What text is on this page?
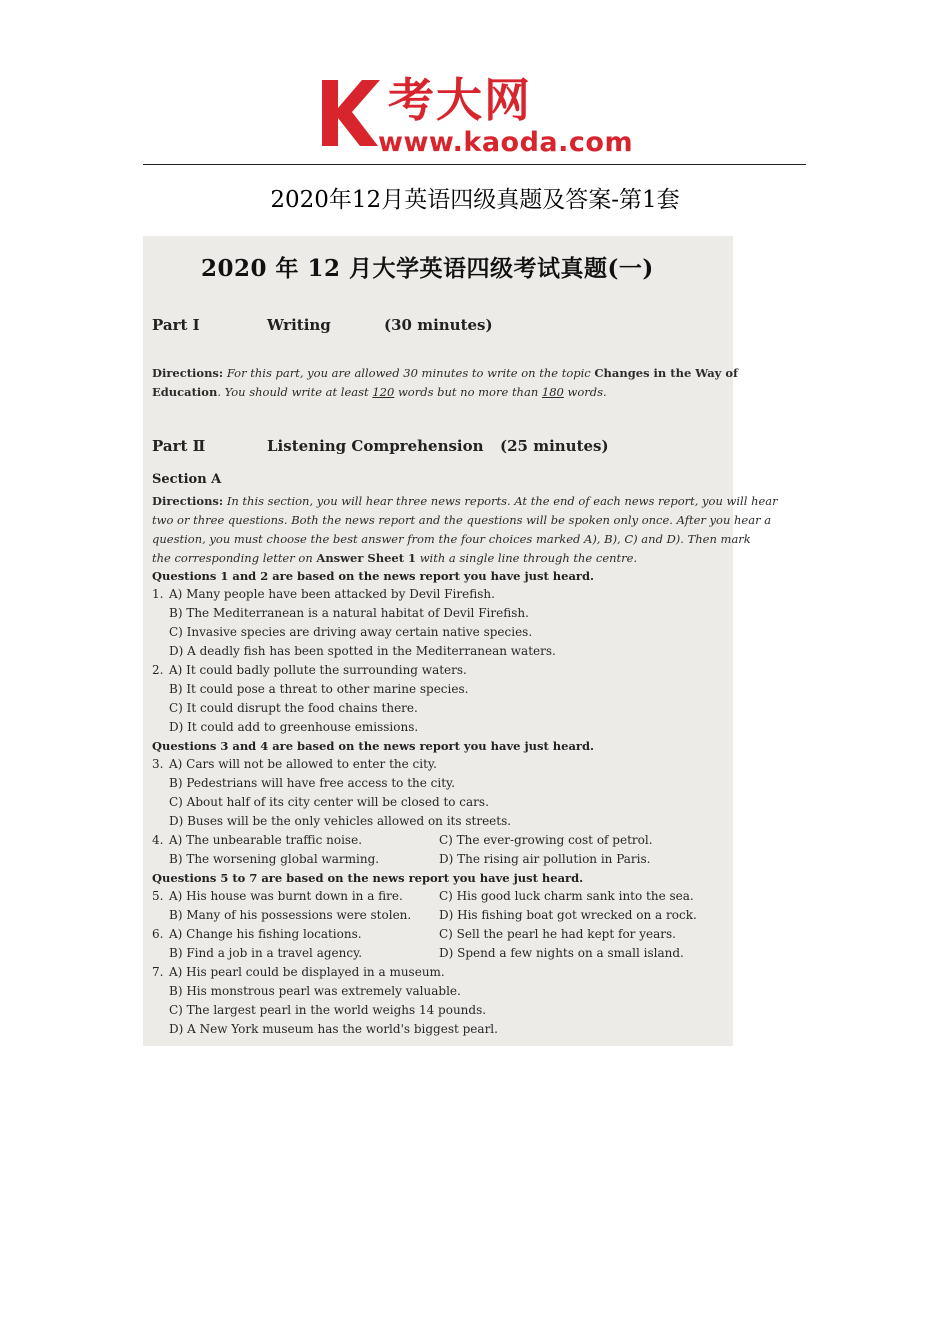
考大网
www.kaoda.com
2020年12月英语四级真题及答案-第1套
2020 年 12 月大学英语四级考试真题(一)
Part Ⅰ	Writing	(30 minutes)
Directions: For this part, you are allowed 30 minutes to write on the topic Changes in the Way of
Education. You should write at least 120 words but no more than 180 words.
Part Ⅱ	Listening Comprehension (25 minutes)
Section A
Directions: In this section, you will hear three news reports. At the end of each news report, you will hear
two or three questions. Both the news report and the questions will be spoken only once. After you hear a
question, you must choose the best answer from the four choices marked A), B), C) and D). Then mark
the corresponding letter on Answer Sheet 1 with a single line through the centre.
Questions 1 and 2 are based on the news report you have just heard.
1. A) Many people have been attacked by Devil Firefish.
B) The Mediterranean is a natural habitat of Devil Firefish.
C) Invasive species are driving away certain native species.
D) A deadly fish has been spotted in the Mediterranean waters.
2. A) It could badly pollute the surrounding waters.
B) It could pose a threat to other marine species.
C) It could disrupt the food chains there.
D) It could add to greenhouse emissions.
Questions 3 and 4 are based on the news report you have just heard.
3. A) Cars will not be allowed to enter the city.
B) Pedestrians will have free access to the city.
C) About half of its city center will be closed to cars.
D) Buses will be the only vehicles allowed on its streets.
4. A) The unbearable traffic noise.	C) The ever-growing cost of petrol.
B) The worsening global warming.	D) The rising air pollution in Paris.
Questions 5 to 7 are based on the news report you have just heard.
5. A) His house was burnt down in a fire.	C) His good luck charm sank into the sea.
B) Many of his possessions were stolen. D) His fishing boat got wrecked on a rock.
6. A) Change his fishing locations.	C) Sell the pearl he had kept for years.
B) Find a job in a travel agency.	D) Spend a few nights on a small island.
7. A) His pearl could be displayed in a museum.
B) His monstrous pearl was extremely valuable.
C) The largest pearl in the world weighs 14 pounds.
D) A New York museum has the world's biggest pearl.
